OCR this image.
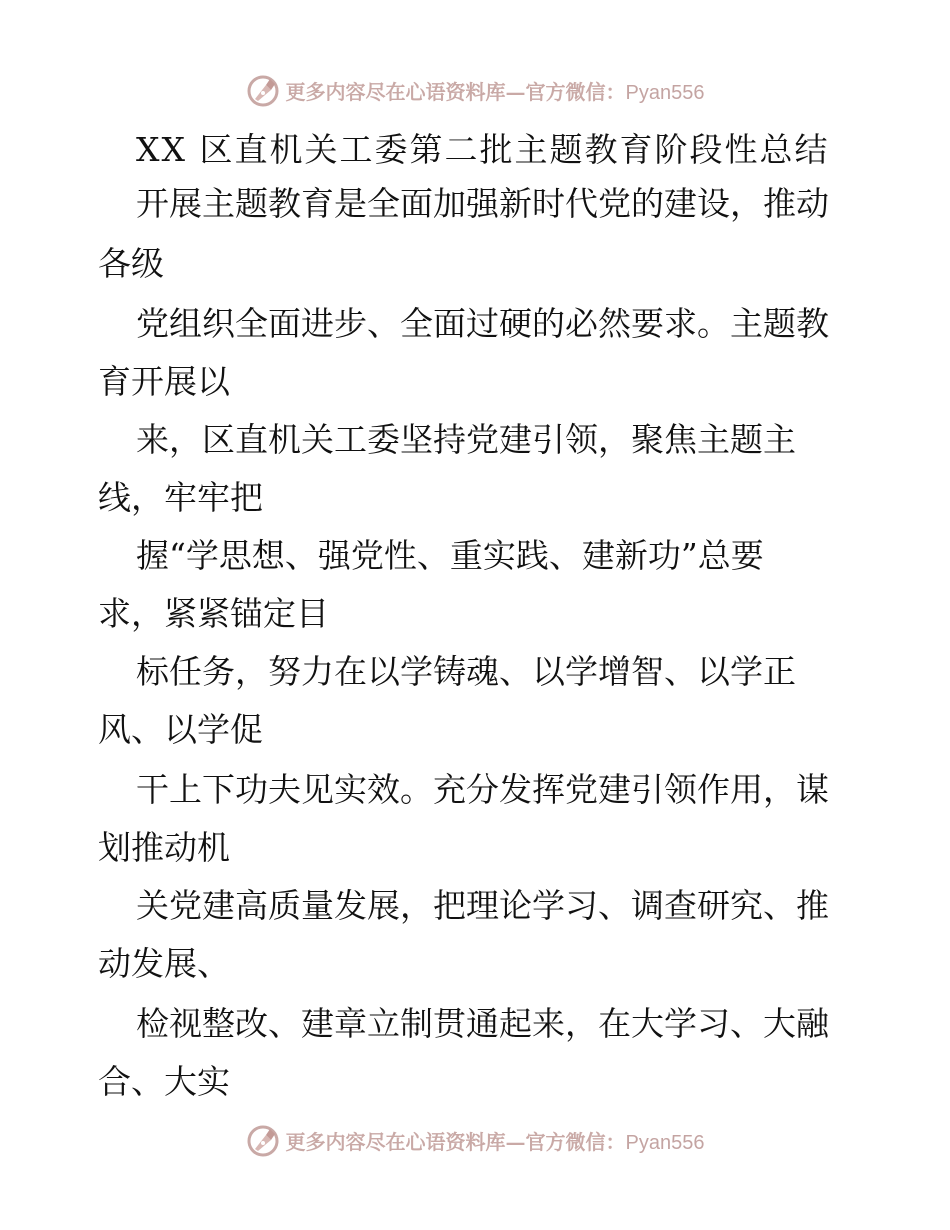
更多内容尽在心语资料库—官方微信：Pyan556
XX 区直机关工委第二批主题教育阶段性总结
开展主题教育是全面加强新时代党的建设，推动
各级
党组织全面进步、全面过硬的必然要求。主题教
育开展以
来，区直机关工委坚持党建引领，聚焦主题主
线，牢牢把
握“学思想、强党性、重实践、建新功”总要
求，紧紧锚定目
标任务，努力在以学铸魂、以学增智、以学正
风、以学促
干上下功夫见实效。充分发挥党建引领作用，谋
划推动机
关党建高质量发展，把理论学习、调查研究、推
动发展、
检视整改、建章立制贯通起来，在大学习、大融
合、大实
更多内容尽在心语资料库—官方微信：Pyan556
